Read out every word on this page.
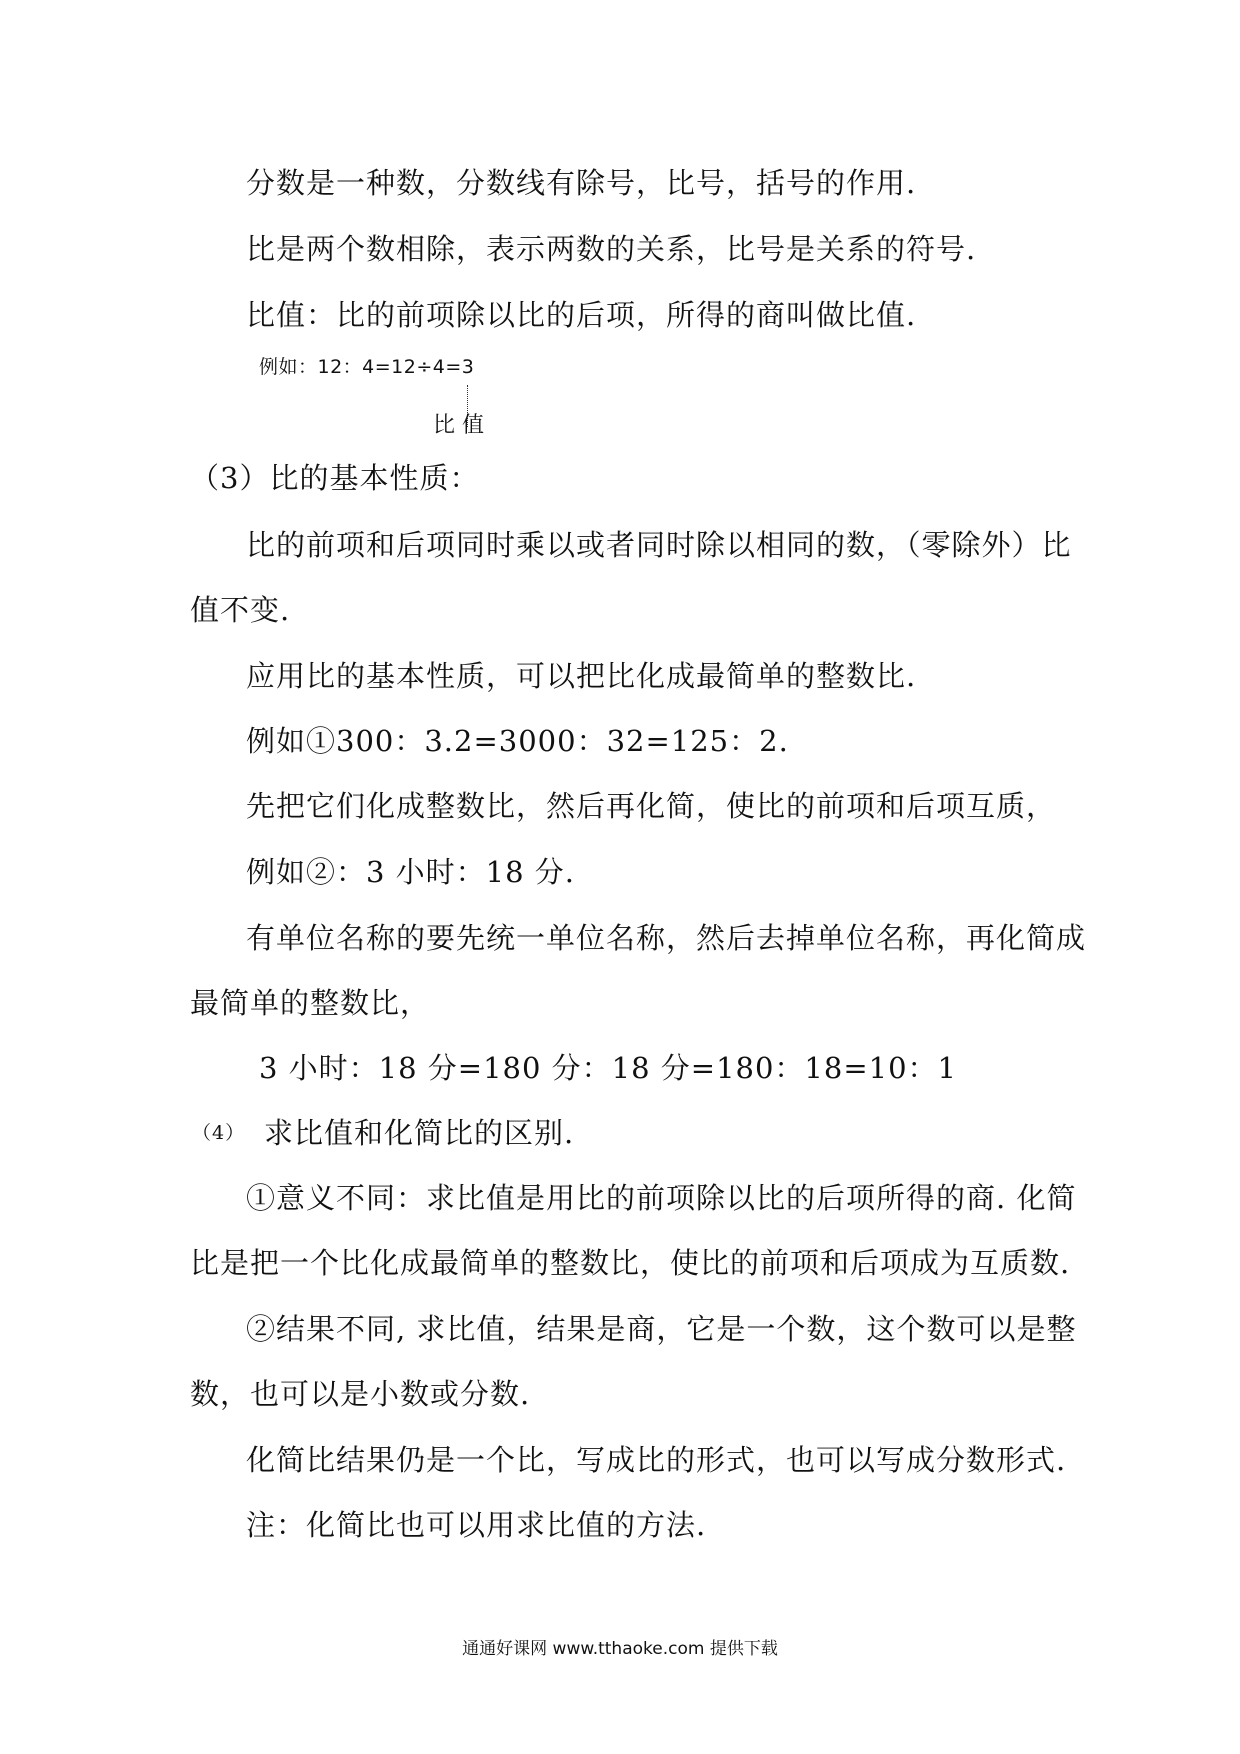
分数是一种数，分数线有除号，比号，括号的作用.
比是两个数相除，表示两数的关系，比号是关系的符号.
比值：比的前项除以比的后项，所得的商叫做比值.
例如：12：4=12÷4=3
比 值
（3）比的基本性质：
比的前项和后项同时乘以或者同时除以相同的数，（零除外）比
值不变.
应用比的基本性质，可以把比化成最简单的整数比.
例如①300：3.2=3000：32=125：2.
先把它们化成整数比，然后再化简，使比的前项和后项互质，
例如②：3 小时：18 分.
有单位名称的要先统一单位名称，然后去掉单位名称，再化简成
最简单的整数比，
3 小时：18 分=180 分：18 分=180：18=10：1
（4） 求比值和化简比的区别.
①意义不同：求比值是用比的前项除以比的后项所得的商. 化简
比是把一个比化成最简单的整数比，使比的前项和后项成为互质数.
②结果不同, 求比值，结果是商，它是一个数，这个数可以是整
数，也可以是小数或分数.
化简比结果仍是一个比，写成比的形式，也可以写成分数形式.
注：化简比也可以用求比值的方法.
通通好课网 www.tthaoke.com 提供下载
